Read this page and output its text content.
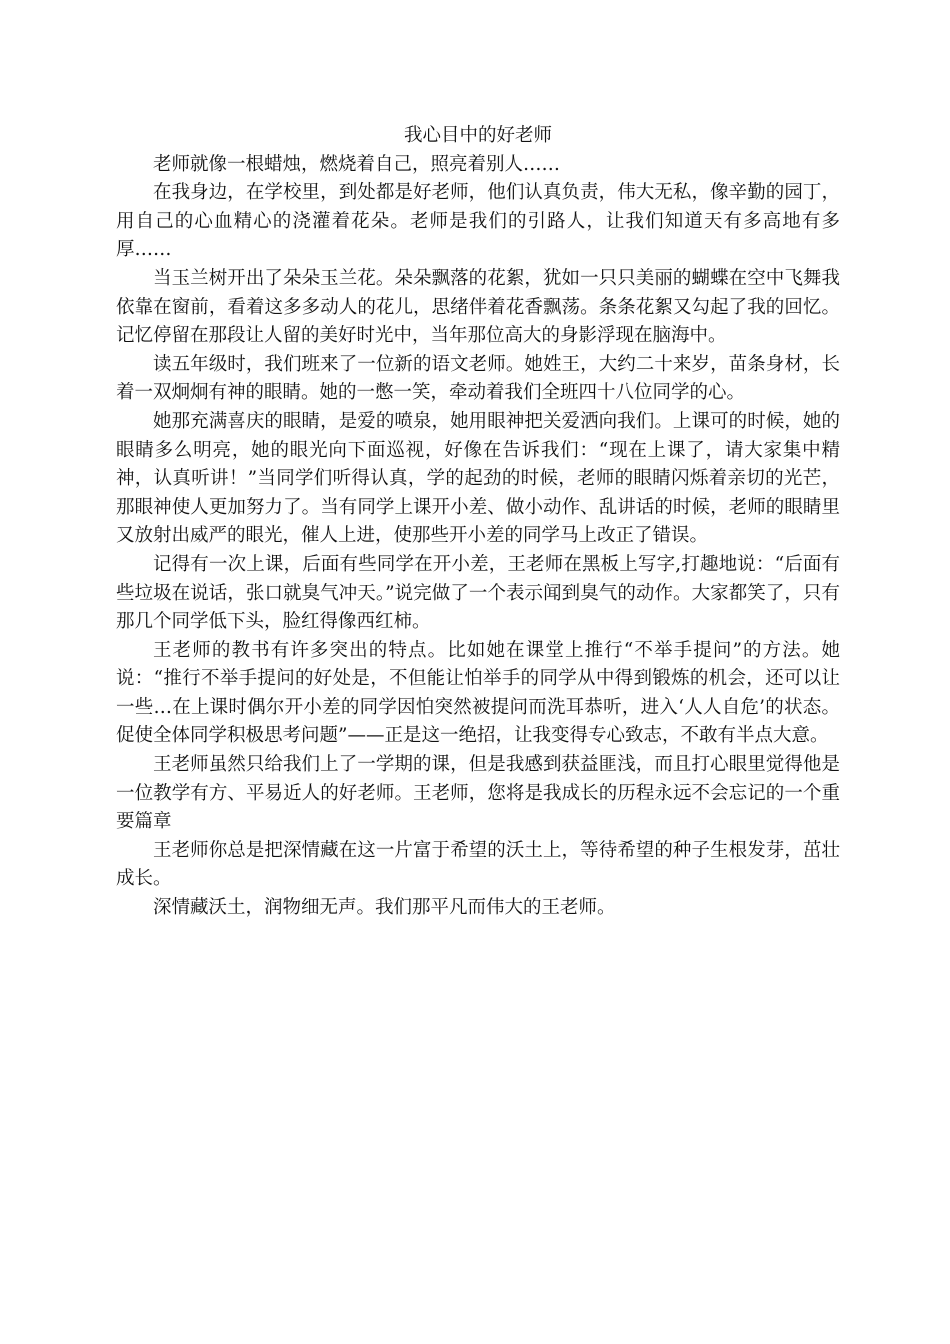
我心目中的好老师

老师就像一根蜡烛，燃烧着自己，照亮着别人……

在我身边，在学校里，到处都是好老师，他们认真负责，伟大无私，像辛勤的园丁，用自己的心血精心的浇灌着花朵。老师是我们的引路人，让我们知道天有多高地有多厚……

当玉兰树开出了朵朵玉兰花。朵朵飘落的花絮，犹如一只只美丽的蝴蝶在空中飞舞我依靠在窗前，看着这多多动人的花儿，思绪伴着花香飘荡。条条花絮又勾起了我的回忆。记忆停留在那段让人留的美好时光中，当年那位高大的身影浮现在脑海中。

读五年级时，我们班来了一位新的语文老师。她姓王，大约二十来岁，苗条身材，长着一双炯炯有神的眼睛。她的一憋一笑，牵动着我们全班四十八位同学的心。

她那充满喜庆的眼睛，是爱的喷泉，她用眼神把关爱洒向我们。上课可的时候，她的眼睛多么明亮，她的眼光向下面巡视，好像在告诉我们：“现在上课了，请大家集中精神，认真听讲！”当同学们听得认真，学的起劲的时候，老师的眼睛闪烁着亲切的光芒，那眼神使人更加努力了。当有同学上课开小差、做小动作、乱讲话的时候，老师的眼睛里又放射出威严的眼光，催人上进，使那些开小差的同学马上改正了错误。

记得有一次上课，后面有些同学在开小差，王老师在黑板上写字,打趣地说：“后面有些垃圾在说话，张口就臭气冲天。”说完做了一个表示闻到臭气的动作。大家都笑了，只有那几个同学低下头，脸红得像西红柿。

王老师的教书有许多突出的特点。比如她在课堂上推行“不举手提问”的方法。她说：“推行不举手提问的好处是，不但能让怕举手的同学从中得到锻炼的机会，还可以让一些…在上课时偶尔开小差的同学因怕突然被提问而洗耳恭听，进入‘人人自危’的状态。促使全体同学积极思考问题”——正是这一绝招，让我变得专心致志，不敢有半点大意。

王老师虽然只给我们上了一学期的课，但是我感到获益匪浅，而且打心眼里觉得他是一位教学有方、平易近人的好老师。王老师，您将是我成长的历程永远不会忘记的一个重要篇章

王老师你总是把深情藏在这一片富于希望的沃土上，等待希望的种子生根发芽，茁壮成长。

深情藏沃土，润物细无声。我们那平凡而伟大的王老师。
